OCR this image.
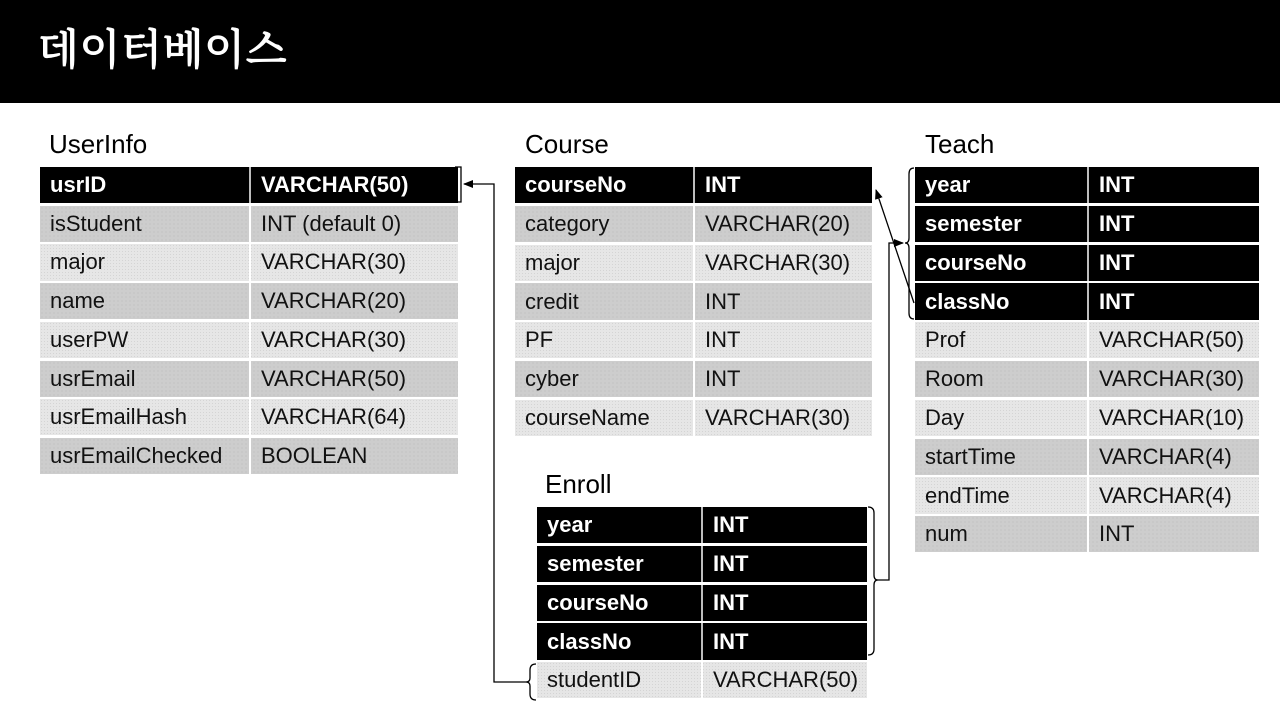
데이터베이스
UserInfo	Course	Teach
Enroll
usrID	VARCHAR(50)
isStudent	INT (default 0)
major	VARCHAR(30)
name	VARCHAR(20)
userPW	VARCHAR(30)
usrEmail	VARCHAR(50)
usrEmailHash	VARCHAR(64)
usrEmailChecked	BOOLEAN
courseNo	INT
category	VARCHAR(20)
major	VARCHAR(30)
credit	INT
PF	INT
cyber	INT
courseName	VARCHAR(30)
year	INT
semester	INT
courseNo	INT
classNo	INT
Prof	VARCHAR(50)
Room	VARCHAR(30)
Day	VARCHAR(10)
startTime	VARCHAR(4)
endTime	VARCHAR(4)
num	INT
year	INT
semester	INT
courseNo	INT
classNo	INT
studentID	VARCHAR(50)
